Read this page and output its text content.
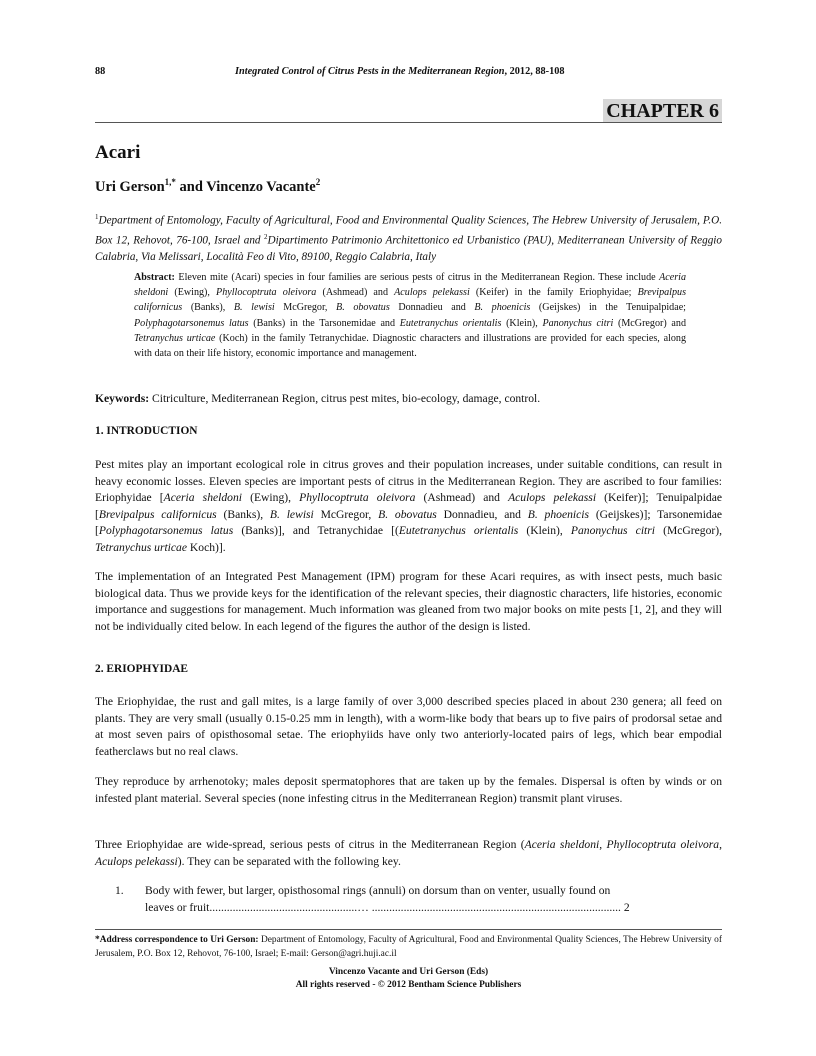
88	Integrated Control of Citrus Pests in the Mediterranean Region, 2012, 88-108
CHAPTER 6
Acari
Uri Gerson$^{1,*}$ and Vincenzo Vacante$^2$
$^1$Department of Entomology, Faculty of Agricultural, Food and Environmental Quality Sciences, The Hebrew University of Jerusalem, P.O. Box 12, Rehovot, 76-100, Israel and $^2$Dipartimento Patrimonio Architettonico ed Urbanistico (PAU), Mediterranean University of Reggio Calabria, Via Melissari, Località Feo di Vito, 89100, Reggio Calabria, Italy
Abstract: Eleven mite (Acari) species in four families are serious pests of citrus in the Mediterranean Region. These include Aceria sheldoni (Ewing), Phyllocoptruta oleivora (Ashmead) and Aculops pelekassi (Keifer) in the family Eriophyidae; Brevipalpus californicus (Banks), B. lewisi McGregor, B. obovatus Donnadieu and B. phoenicis (Geijskes) in the Tenuipalpidae; Polyphagotarsonemus latus (Banks) in the Tarsonemidae and Eutetranychus orientalis (Klein), Panonychus citri (McGregor) and Tetranychus urticae (Koch) in the family Tetranychidae. Diagnostic characters and illustrations are provided for each species, along with data on their life history, economic importance and management.
Keywords: Citriculture, Mediterranean Region, citrus pest mites, bio-ecology, damage, control.
1. INTRODUCTION
Pest mites play an important ecological role in citrus groves and their population increases, under suitable conditions, can result in heavy economic losses. Eleven species are important pests of citrus in the Mediterranean Region. They are ascribed to four families: Eriophyidae [Aceria sheldoni (Ewing), Phyllocoptruta oleivora (Ashmead) and Aculops pelekassi (Keifer)]; Tenuipalpidae [Brevipalpus californicus (Banks), B. lewisi McGregor, B. obovatus Donnadieu, and B. phoenicis (Geijskes)]; Tarsonemidae [Polyphagotarsonemus latus (Banks)], and Tetranychidae [(Eutetranychus orientalis (Klein), Panonychus citri (McGregor), Tetranychus urticae Koch)].
The implementation of an Integrated Pest Management (IPM) program for these Acari requires, as with insect pests, much basic biological data. Thus we provide keys for the identification of the relevant species, their diagnostic characters, life histories, economic importance and suggestions for management. Much information was gleaned from two major books on mite pests [1, 2], and they will not be individually cited below. In each legend of the figures the author of the design is listed.
2. ERIOPHYIDAE
The Eriophyidae, the rust and gall mites, is a large family of over 3,000 described species placed in about 230 genera; all feed on plants. They are very small (usually 0.15-0.25 mm in length), with a worm-like body that bears up to five pairs of prodorsal setae and at most seven pairs of opisthosomal setae. The eriophyiids have only two anteriorly-located pairs of legs, which bear empodial featherclaws but no real claws.
They reproduce by arrhenotoky; males deposit spermatophores that are taken up by the females. Dispersal is often by winds or on infested plant material. Several species (none infesting citrus in the Mediterranean Region) transmit plant viruses.
Three Eriophyidae are wide-spread, serious pests of citrus in the Mediterranean Region (Aceria sheldoni, Phyllocoptruta oleivora, Aculops pelekassi). They can be separated with the following key.
1. Body with fewer, but larger, opisthosomal rings (annuli) on dorsum than on venter, usually found on
leaves or fruit...................................................… ...................................................................................... 2
*Address correspondence to Uri Gerson: Department of Entomology, Faculty of Agricultural, Food and Environmental Quality Sciences, The Hebrew University of Jerusalem, P.O. Box 12, Rehovot, 76-100, Israel; E-mail: Gerson@agri.huji.ac.il
Vincenzo Vacante and Uri Gerson (Eds)
All rights reserved - © 2012 Bentham Science Publishers
